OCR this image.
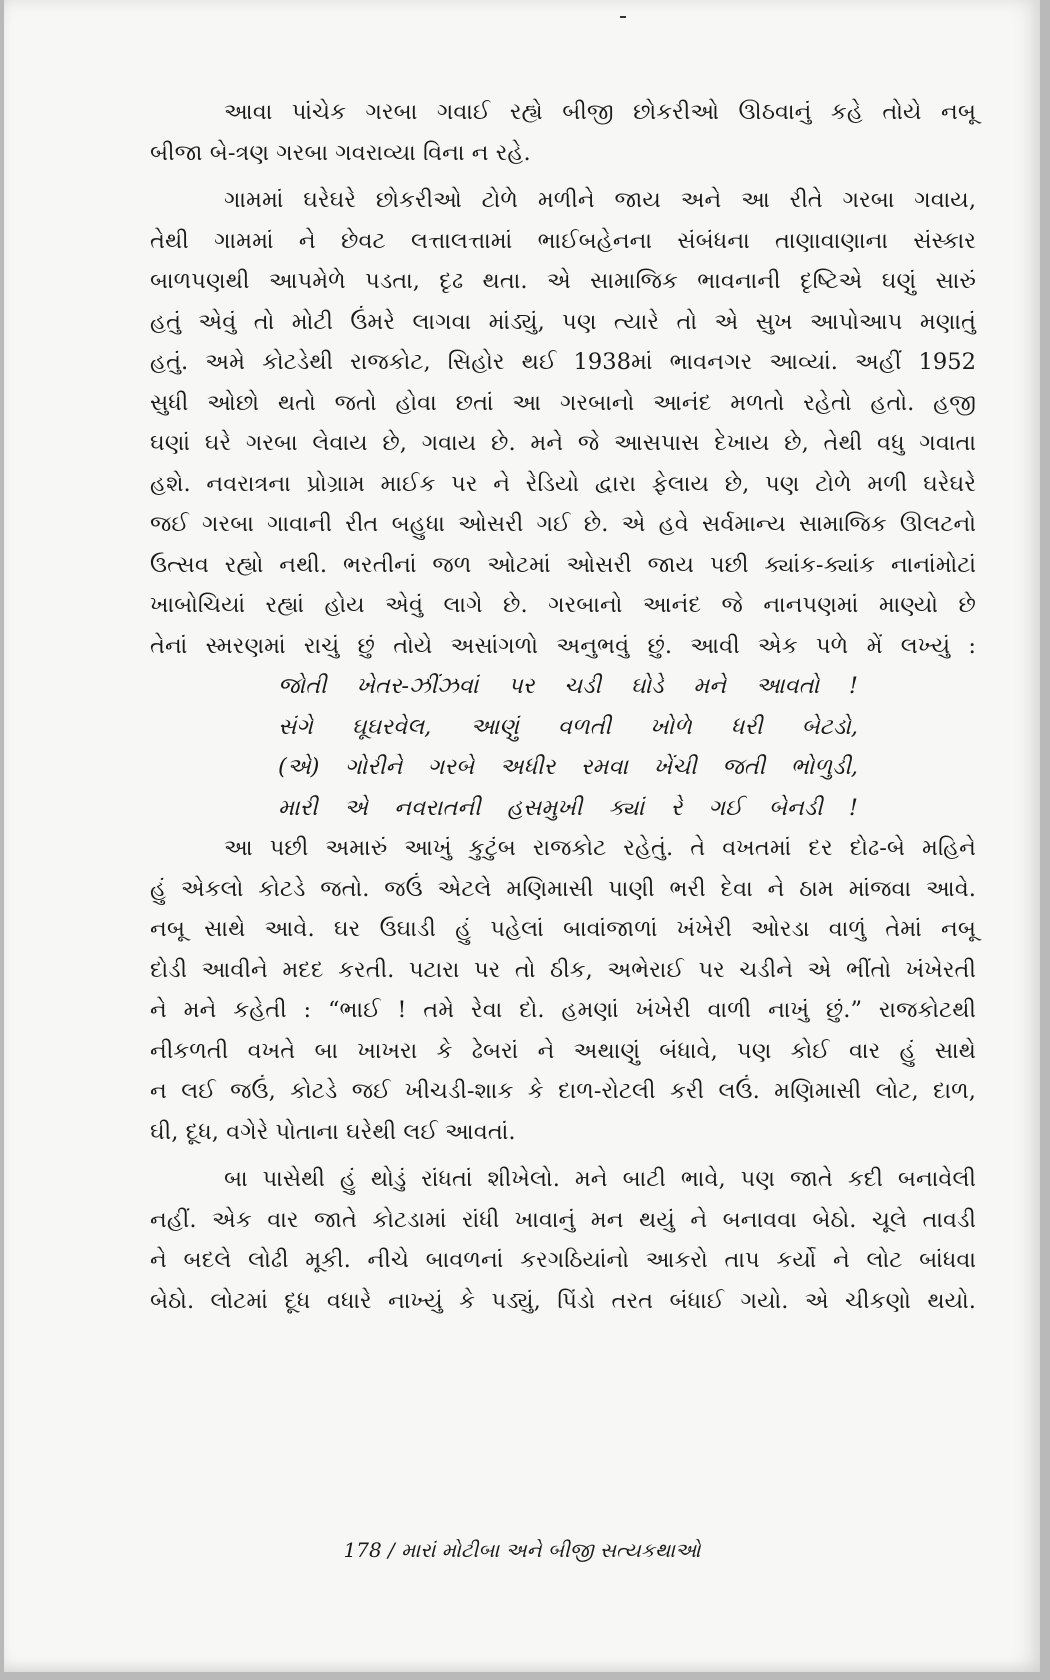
આવા પાંચેક ગરબા ગવાઈ રહ્યે બીજી છોકરીઓ ઊઠવાનું કહે તોયે નબૂ
બીજા બે-ત્રણ ગરબા ગવરાવ્યા વિના ન રહે.
ગામમાં ઘરેઘરે છોકરીઓ ટોળે મળીને જાય અને આ રીતે ગરબા ગવાય,
તેથી ગામમાં ને છેવટ લત્તાલત્તામાં ભાઈબહેનના સંબંધના તાણાવાણાના સંસ્કાર
બાળપણથી આપમેળે પડતા, દૃઢ થતા. એ સામાજિક ભાવનાની દૃષ્ટિએ ઘણું સારું
હતું એવું તો મોટી ઉંમરે લાગવા માંડ્યું, પણ ત્યારે તો એ સુખ આપોઆપ મણાતું
હતું. અમે કોટડેથી રાજકોટ, સિહોર થઈ 1938માં ભાવનગર આવ્યાં. અહીં 1952
સુધી ઓછો થતો જતો હોવા છતાં આ ગરબાનો આનંદ મળતો રહેતો હતો. હજી
ઘણાં ઘરે ગરબા લેવાય છે, ગવાય છે. મને જે આસપાસ દેખાય છે, તેથી વધુ ગવાતા
હશે. નવરાત્રના પ્રોગ્રામ માઈક પર ને રેડિયો દ્વારા ફેલાય છે, પણ ટોળે મળી ઘરેઘરે
જઈ ગરબા ગાવાની રીત બહુધા ઓસરી ગઈ છે. એ હવે સર્વમાન્ય સામાજિક ઊલટનો
ઉત્સવ રહ્યો નથી. ભરતીનાં જળ ઓટમાં ઓસરી જાય પછી ક્યાંક-ક્યાંક નાનાંમોટાં
ખાબોચિયાં રહ્યાં હોય એવું લાગે છે. ગરબાનો આનંદ જે નાનપણમાં માણ્યો છે
તેનાં સ્મરણમાં રાચું છું તોયે અસાંગળો અનુભવું છું. આવી એક પળે મેં લખ્યું :
જોતી ખેતર-ઝીંઝવાં પર ચડી ઘોડે મને આવતો !
સંગે ઘૂઘરવેલ, આણું વળતી ખોળે ધરી બેટડો,
(એ) ગોરીને ગરબે અધીર રમવા ખેંચી જતી ભોળુડી,
મારી એ નવરાતની હસમુખી ક્યાં રે ગઈ બેનડી !
આ પછી અમારું આખું કુટુંબ રાજકોટ રહેતું. તે વખતમાં દર દોઢ-બે મહિને
હું એકલો કોટડે જતો. જઉં એટલે મણિમાસી પાણી ભરી દેવા ને ઠામ માંજવા આવે.
નબૂ સાથે આવે. ઘર ઉઘાડી હું પહેલાં બાવાંજાળાં ખંખેરી ઓરડા વાળું તેમાં નબૂ
દોડી આવીને મદદ કરતી. પટારા પર તો ઠીક, અભેરાઈ પર ચડીને એ ભીંતો ખંખેરતી
ને મને કહેતી : “ભાઈ ! તમે રેવા દો. હમણાં ખંખેરી વાળી નાખું છું.” રાજકોટથી
નીકળતી વખતે બા ખાખરા કે ઢેબરાં ને અથાણું બંધાવે, પણ કોઈ વાર હું સાથે
ન લઈ જઉં, કોટડે જઈ ખીચડી-શાક કે દાળ-રોટલી કરી લઉં. મણિમાસી લોટ, દાળ,
ઘી, દૂધ, વગેરે પોતાના ઘરેથી લઈ આવતાં.
બા પાસેથી હું થોડું રાંધતાં શીખેલો. મને બાટી ભાવે, પણ જાતે કદી બનાવેલી
નહીં. એક વાર જાતે કોટડામાં રાંધી ખાવાનું મન થયું ને બનાવવા બેઠો. ચૂલે તાવડી
ને બદલે લોઢી મૂકી. નીચે બાવળનાં કરગઠિયાંનો આકરો તાપ કર્યો ને લોટ બાંધવા
બેઠો. લોટમાં દૂધ વધારે નાખ્યું કે પડ્યું, પિંડો તરત બંધાઈ ગયો. એ ચીકણો થયો.
178 / મારાં મોટીબા અને બીજી સત્યકથાઓ
